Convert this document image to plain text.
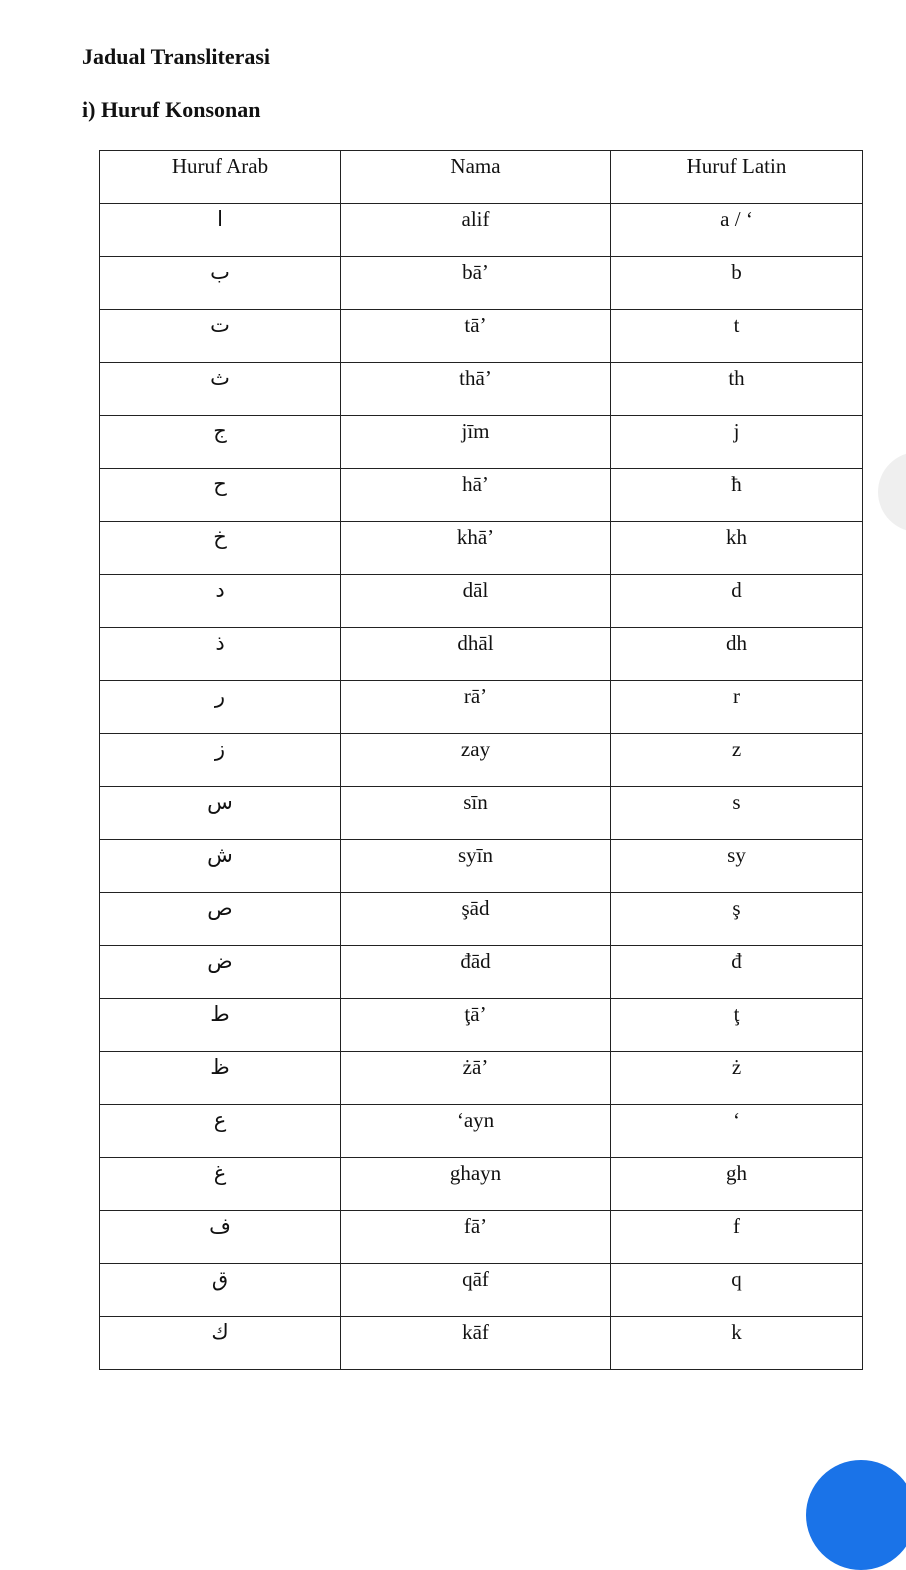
Jadual Transliterasi
i) Huruf Konsonan
Huruf Arab	Nama	Huruf Latin
ا	alif	a / ‘
ب	bā’	b
ت	tā’	t
ث	thā’	th
ج	jīm	j
ح	hā’	ħ
خ	khā’	kh
د	dāl	d
ذ	dhāl	dh
ر	rā’	r
ز	zay	z
س	sīn	s
ش	syīn	sy
ص	şād	ş
ض	đād	đ
ط	ţā’	ţ
ظ	żā’	ż
ع	‘ayn	‘
غ	ghayn	gh
ف	fā’	f
ق	qāf	q
ك	kāf	k
